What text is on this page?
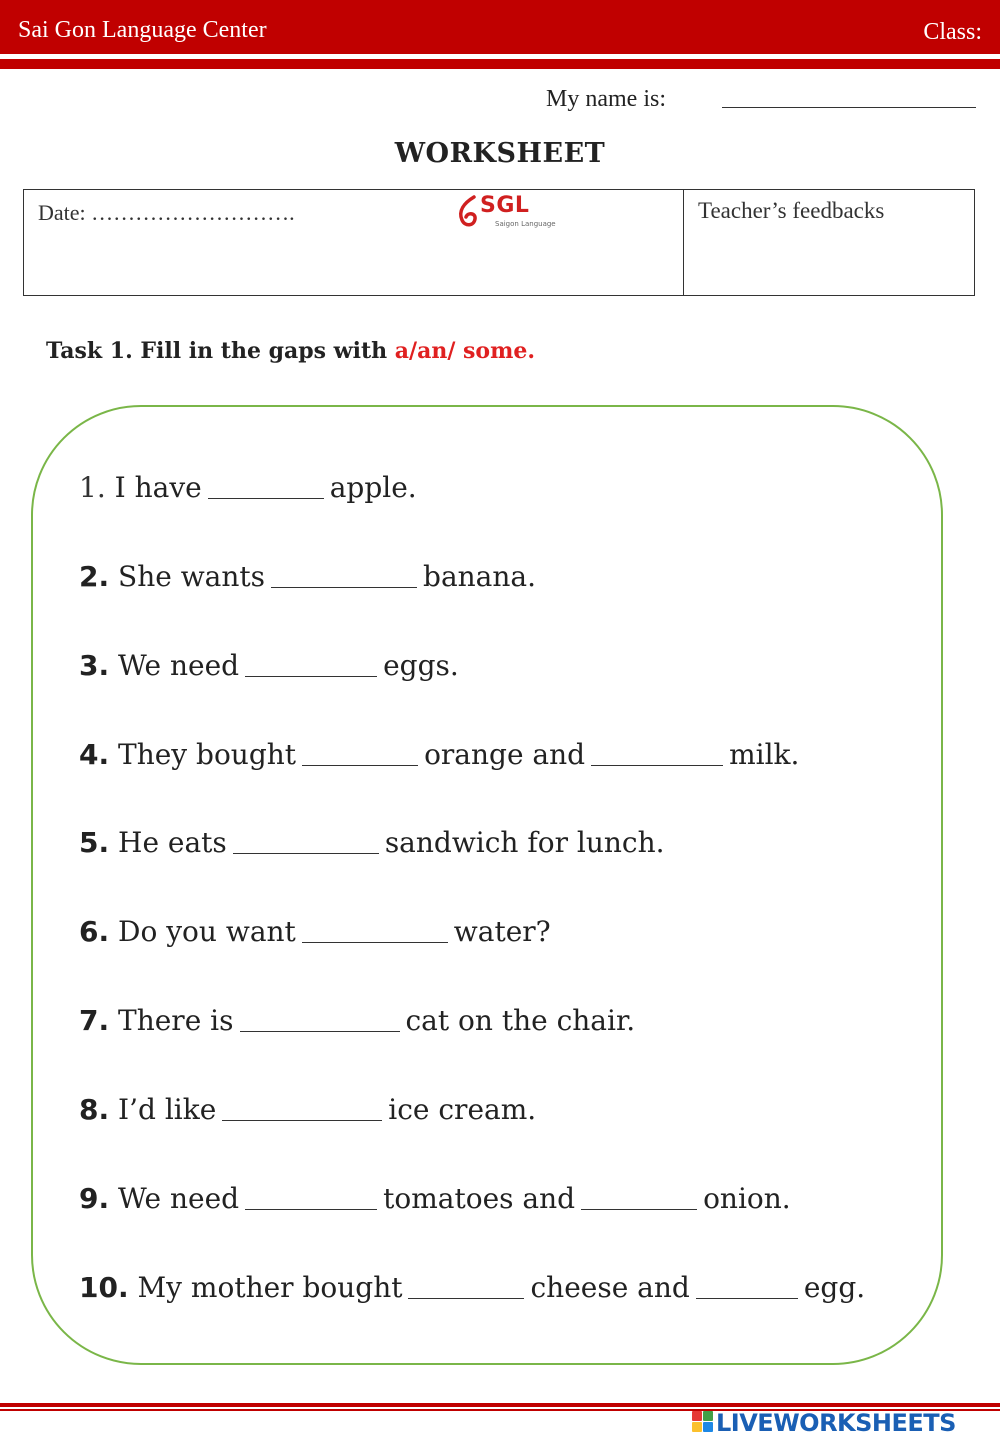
Sai Gon Language Center	Class:
My name is:
WORKSHEET
Date: ……………………….	SGL
Saigon Language
Teacher’s feedbacks
Task 1. Fill in the gaps with a/an/ some.
1. I have	apple.
2. She wants	banana.
3. We need	eggs.
4. They bought	orange and	milk.
5. He eats	sandwich for lunch.
6. Do you want	water?
7. There is	cat on the chair.
8. I’d like	ice cream.
9. We need	tomatoes and	onion.
10. My mother bought	cheese and	egg.
LIVEWORKSHEETS
